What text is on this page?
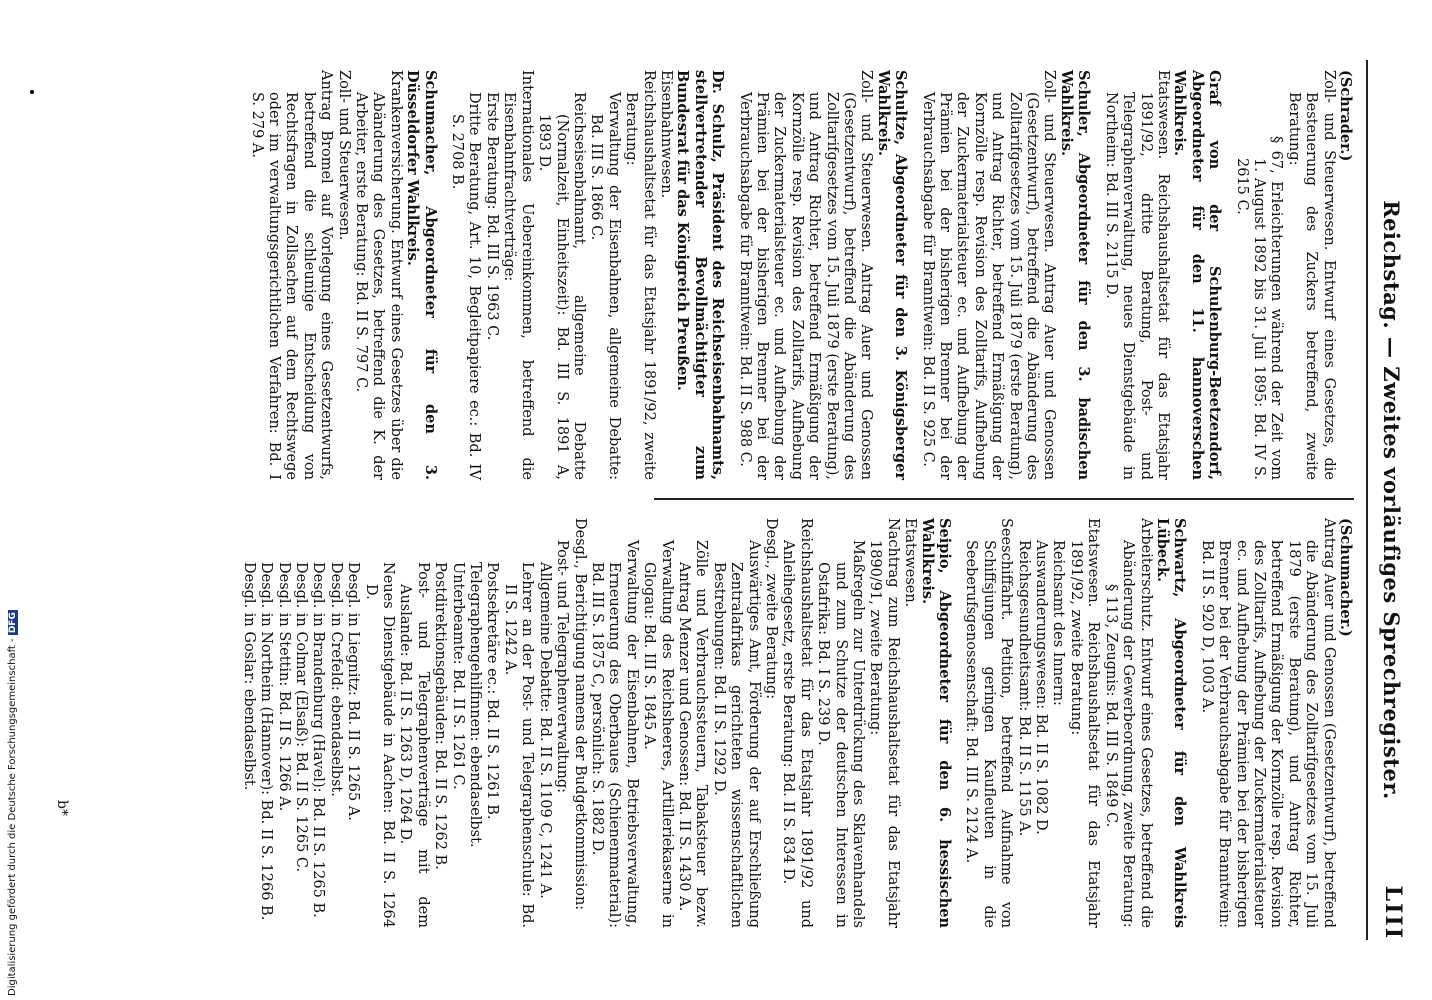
Digitalisierung gefördert durch die Deutsche Forschungsgemeinschaft - DFG	Reichstag. — Zweites vorläufiges Sprechregister.
LIII

(Schrader.)

Zoll- und Steuerwesen. Entwurf eines Gesetzes, die Besteuerung des Zuckers betreffend, zweite Beratung:

§ 67, Erleichterungen während der Zeit vom 1. August 1892 bis 31. Juli 1895: Bd. IV S. 2615 C.

Graf von der Schulenburg-Beetzendorf, Abgeordneter für den 11. hannoverschen Wahlkreis.

Etatswesen. Reichshaushaltsetat für das Etatsjahr 1891/92, dritte Beratung, Post- und Telegraphenverwaltung, neues Dienstgebäude in Northeim: Bd. III S. 2115 D.

Schuler, Abgeordneter für den 3. badischen Wahlkreis.

Zoll- und Steuerwesen. Antrag Auer und Genossen (Gesetzentwurf), betreffend die Abänderung des Zolltarifgesetzes vom 15. Juli 1879 (erste Beratung), und Antrag Richter, betreffend Ermäßigung der Kornzölle resp. Revision des Zolltarifs, Aufhebung der Zuckermaterialsteuer ec. und Aufhebung der Prämien bei der bisherigen Brenner bei der Verbrauchsabgabe für Branntwein: Bd. II S. 925 C.

Schultze, Abgeordneter für den 3. Königsberger Wahlkreis.

Zoll- und Steuerwesen. Antrag Auer und Genossen (Gesetzentwurf), betreffend die Abänderung des Zolltarifgesetzes vom 15. Juli 1879 (erste Beratung), und Antrag Richter, betreffend Ermäßigung der Kornzölle resp. Revision des Zolltarifs, Aufhebung der Zuckermaterialsteuer ec. und Aufhebung der Prämien bei der bisherigen Brenner bei der Verbrauchsabgabe für Branntwein: Bd. II S. 988 C.

Dr. Schulz, Präsident des Reichseisenbahnamts, stellvertretender Bevollmächtigter zum Bundesrat für das Königreich Preußen.

Eisenbahnwesen.

Reichshaushaltsetat für das Etatsjahr 1891/92, zweite Beratung:

Verwaltung der Eisenbahnen, allgemeine Debatte: Bd. III S. 1866 C.

Reichseisenbahnamt, allgemeine Debatte (Normalzeit, Einheitszeit): Bd. III S. 1891 A, 1893 D.

Internationales Uebereinkommen, betreffend die Eisenbahnfrachtverträge:

Erste Beratung: Bd. III S. 1963 C.

Dritte Beratung, Art. 10, Begleitpapiere ec.: Bd. IV S. 2708 B.

Schumacher, Abgeordneter für den 3. Düsseldorfer Wahlkreis.

Krankenversicherung. Entwurf eines Gesetzes über die Abänderung des Gesetzes, betreffend die K. der Arbeiter, erste Beratung: Bd. II S. 797 C.

Zoll- und Steuerwesen.

Antrag Bromel auf Vorlegung eines Gesetzentwurfs, betreffend die schleunige Entscheidung von Rechtsfragen in Zollsachen auf dem Rechtswege oder im verwaltungsgerichtlichen Verfahren: Bd. I S. 279 A.

(Schumacher.)

Antrag Auer und Genossen (Gesetzentwurf), betreffend die Abänderung des Zolltarifgesetzes vom 15. Juli 1879 (erste Beratung), und Antrag Richter, betreffend Ermäßigung der Kornzölle resp. Revision des Zolltarifs, Aufhebung der Zuckermaterialsteuer ec. und Aufhebung der Prämien bei der bisherigen Brenner bei der Verbrauchsabgabe für Branntwein: Bd. II S. 920 D, 1003 A.

Schwartz, Abgeordneter für den Wahlkreis Lübeck.

Arbeiterschutz. Entwurf eines Gesetzes, betreffend die Abänderung der Gewerbeordnung, zweite Beratung:

§ 113, Zeugnis: Bd. III S. 1849 C.

Etatswesen. Reichshaushaltsetat für das Etatsjahr 1891/92, zweite Beratung:

Reichsamt des Innern:

Auswanderungswesen: Bd. II S. 1082 D.

Reichsgesundheitsamt: Bd. II S. 1155 A.

Seeschiffahrt. Petition, betreffend Aufnahme von Schiffsjungen geringen Kaufleuten in die Seeberufsgenossenschaft: Bd. III S. 2124 A.

Seipio, Abgeordneter für den 6. hessischen Wahlkreis.

Etatswesen.

Nachtrag zum Reichshaushaltsetat für das Etatsjahr 1890/91, zweite Beratung:

Maßregeln zur Unterdrückung des Sklavenhandels und zum Schutze der deutschen Interessen in Ostafrika: Bd. I S. 239 D.

Reichshaushaltsetat für das Etatsjahr 1891/92 und Anleihegesetz, erste Beratung: Bd. II S. 834 D.

Desgl., zweite Beratung:

Auswärtiges Amt, Förderung der auf Erschließung Zentralafrikas gerichteten wissenschaftlichen Bestrebungen: Bd. II S. 1292 D.

Zölle und Verbrauchssteuern, Tabaksteuer bezw. Antrag Menzer und Genossen: Bd. II S. 1430 A.

Verwaltung des Reichsheeres, Artilleriekaserne in Glogau: Bd. III S. 1845 A.

Verwaltung der Eisenbahnen, Betriebsverwaltung, Erneuerung des Oberbaues (Schienenmaterial): Bd. III S. 1875 C, persönlich: S. 1882 D.

Desgl., Berichtigung namens der Budgetkommission:

Post- und Telegraphenverwaltung:

Allgemeine Debatte: Bd. II S. 1109 C, 1241 A.

Lehrer an der Post- und Telegraphenschule: Bd. II S. 1242 A.

Postsekretäre ec.: Bd. II S. 1261 B.

Telegraphengehilfinnen: ebendaselbst.

Unterbeamte: Bd. II S. 1261 C.

Postdirektionsgebäuden: Bd. II S. 1262 B.

Post- und Telegraphenverträge mit dem Auslande: Bd. II S. 1263 D, 1264 D.

Neues Dienstgebäude in Aachen: Bd. II S. 1264 D.

Desgl. in Liegnitz: Bd. II S. 1265 A.

Desgl. in Crefeld: ebendaselbst.

Desgl. in Brandenburg (Havel): Bd. II S. 1265 B.

Desgl. in Colmar (Elsaß): Bd. II S. 1265 C.

Desgl. in Stettin: Bd. II S. 1266 A.

Desgl. in Northeim (Hannover): Bd. II S. 1266 B.

Desgl. in Goslar: ebendaselbst.

b*
